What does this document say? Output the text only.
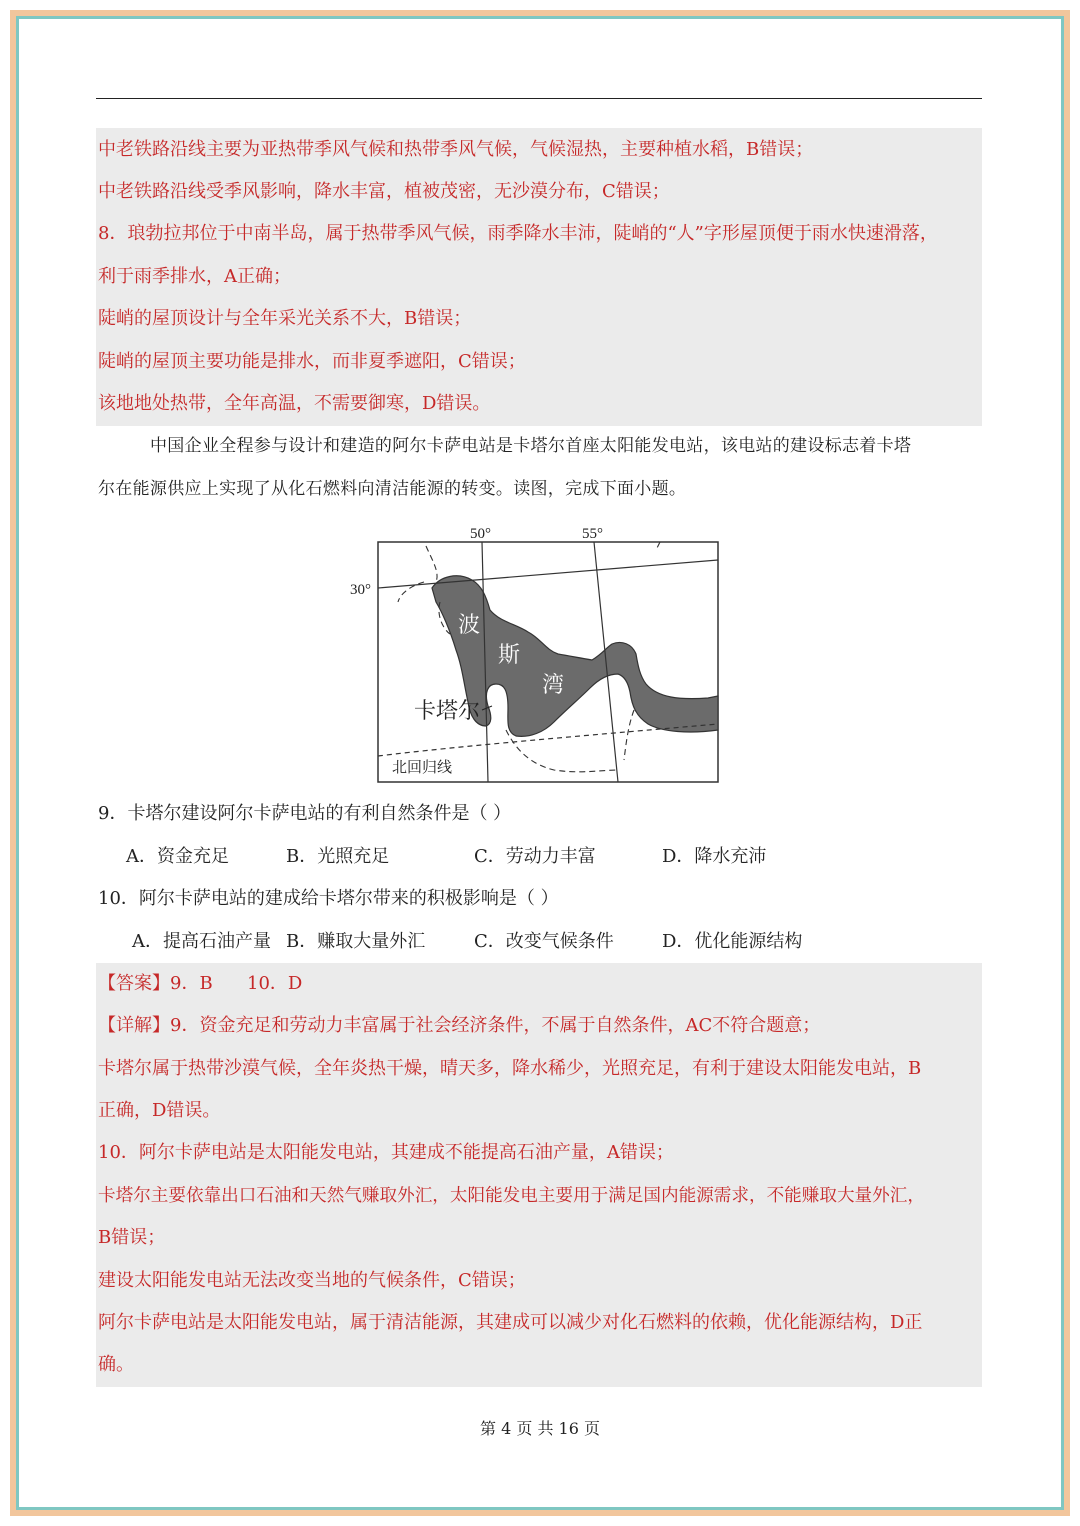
中老铁路沿线主要为亚热带季风气候和热带季风气候，气候湿热，主要种植水稻，B错误；
中老铁路沿线受季风影响，降水丰富，植被茂密，无沙漠分布，C错误；
8．琅勃拉邦位于中南半岛，属于热带季风气候，雨季降水丰沛，陡峭的“人”字形屋顶便于雨水快速滑落，
利于雨季排水，A正确；
陡峭的屋顶设计与全年采光关系不大，B错误；
陡峭的屋顶主要功能是排水，而非夏季遮阳，C错误；
该地地处热带，全年高温，不需要御寒，D错误。
中国企业全程参与设计和建造的阿尔卡萨电站是卡塔尔首座太阳能发电站，该电站的建设标志着卡塔
尔在能源供应上实现了从化石燃料向清洁能源的转变。读图，完成下面小题。
50°	55°
30°
波
斯
湾
卡塔尔
北回归线
9．卡塔尔建设阿尔卡萨电站的有利自然条件是（ ）
A．资金充足	B．光照充足	C．劳动力丰富	D．降水充沛
10．阿尔卡萨电站的建成给卡塔尔带来的积极影响是（ ）
A．提高石油产量 B．赚取大量外汇	C．改变气候条件	D．优化能源结构
【答案】9．B      10．D
【详解】9．资金充足和劳动力丰富属于社会经济条件，不属于自然条件，AC不符合题意；
卡塔尔属于热带沙漠气候，全年炎热干燥，晴天多，降水稀少，光照充足，有利于建设太阳能发电站，B
正确，D错误。
10．阿尔卡萨电站是太阳能发电站，其建成不能提高石油产量，A错误；
卡塔尔主要依靠出口石油和天然气赚取外汇，太阳能发电主要用于满足国内能源需求，不能赚取大量外汇，
B错误；
建设太阳能发电站无法改变当地的气候条件，C错误；
阿尔卡萨电站是太阳能发电站，属于清洁能源，其建成可以减少对化石燃料的依赖，优化能源结构，D正
确。
第 4 页 共 16 页
